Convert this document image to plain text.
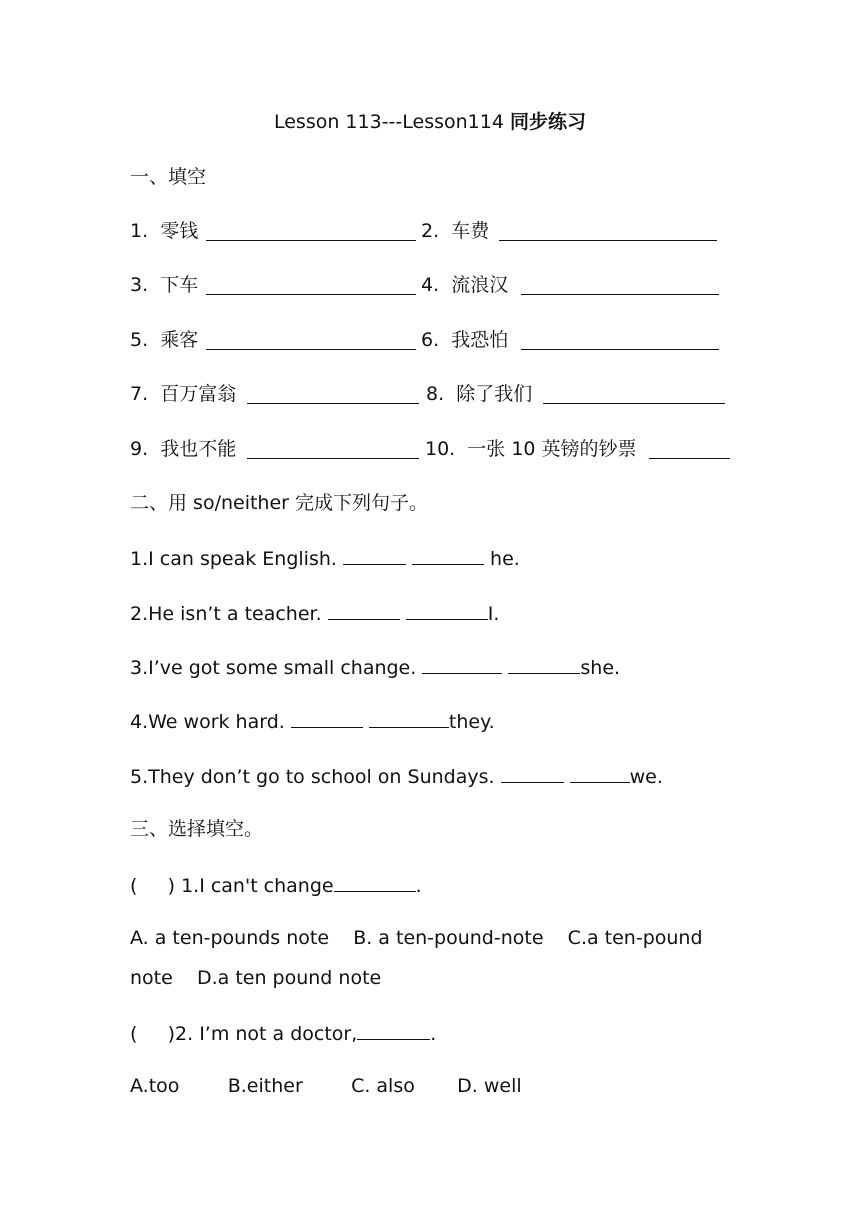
Lesson 113---Lesson114 同步练习
一、填空

1.  零钱

	2.  车费

3.  下车

	4.  流浪汉

5.  乘客

	6.  我恐怕

7.  百万富翁

	8.  除了我们

9.  我也不能

	10.  一张 10 英镑的钞票

二、用 so/neither 完成下列句子。
1.I can speak English.	he.
2.He isn’t a teacher.	I.
3.I’ve got some small change.	she.
4.We work hard.	they.
5.They don’t go to school on Sundays.	we.
三、选择填空。
(     ) 1.I can't change	.
A. a ten-pounds note    B. a ten-pound-note    C.a ten-pound
note    D.a ten pound note
(     )2. I’m not a doctor,	.
A.too        B.either        C. also       D. well
